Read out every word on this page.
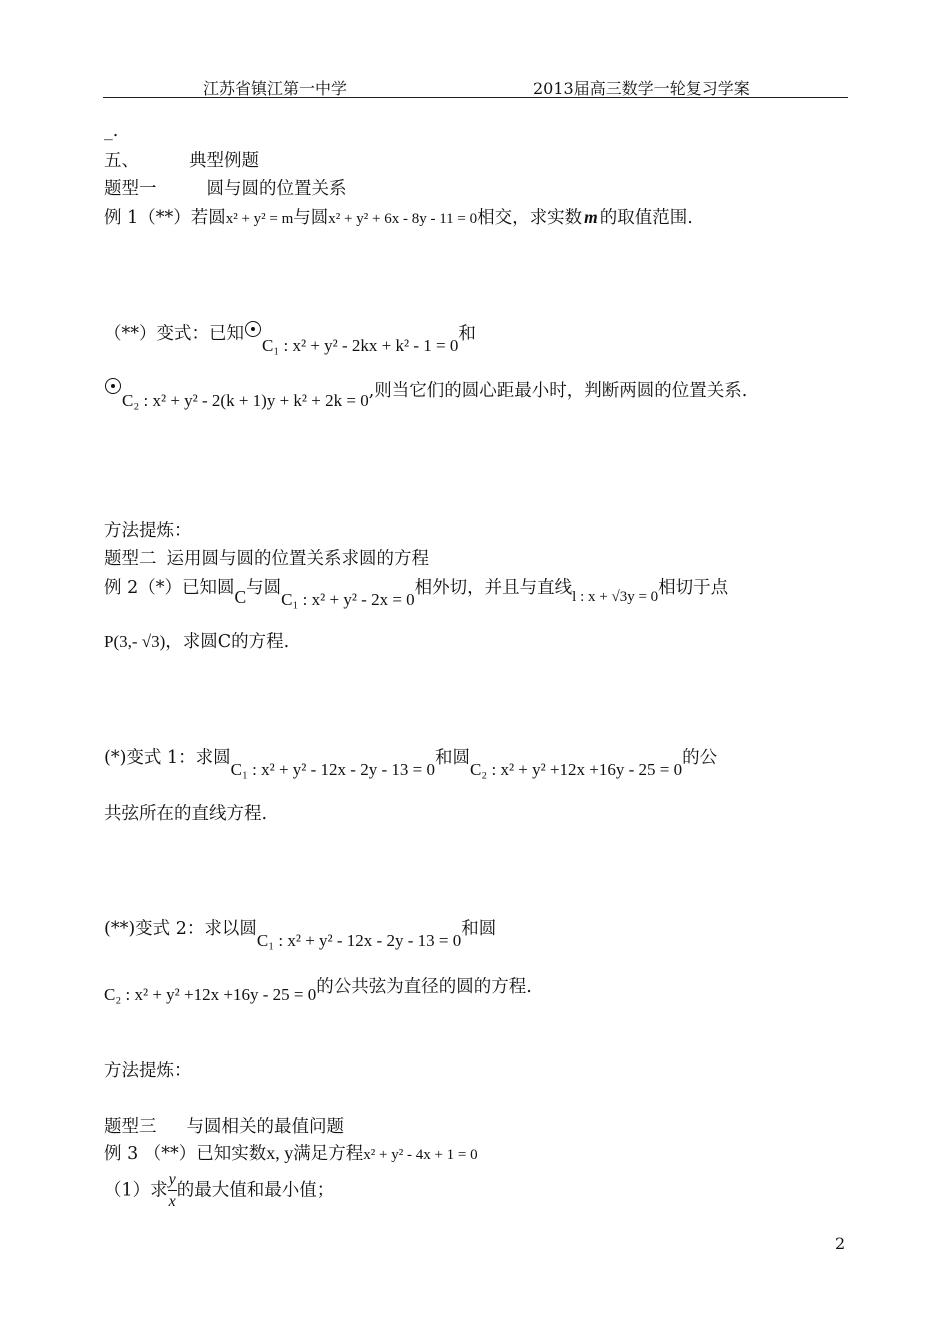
江苏省镇江第一中学	2013届高三数学一轮复习学案
_.
五、	典型例题
题型一	圆与圆的位置关系
例 1（**）若圆x² + y² = m与圆x² + y² + 6x - 8y - 11 = 0相交，求实数 m 的取值范围.
（**）变式：已知C₁ : x² + y² - 2kx + k² - 1 = 0和
C₂ : x² + y² - 2(k + 1)y + k² + 2k = 0,则当它们的圆心距最小时，判断两圆的位置关系.
方法提炼：
题型二 运用圆与圆的位置关系求圆的方程
例 2（*）已知圆C与圆C₁ : x² + y² - 2x = 0相外切，并且与直线l : x + √3y = 0相切于点
P(3,- √3)，求圆C的方程.
(*)变式 1：求圆C₁ : x² + y² - 12x - 2y - 13 = 0和圆C₂ : x² + y² +12x +16y - 25 = 0的公
共弦所在的直线方程.
(**)变式 2：求以圆C₁ : x² + y² - 12x - 2y - 13 = 0和圆
C₂ : x² + y² +12x +16y - 25 = 0的公共弦为直径的圆的方程.
方法提炼：
题型三 与圆相关的最值问题
例 3 （**）已知实数x, y满足方程x² + y² - 4x + 1 = 0
（1）求 $\frac{y}{x}$ 的最大值和最小值；
2
